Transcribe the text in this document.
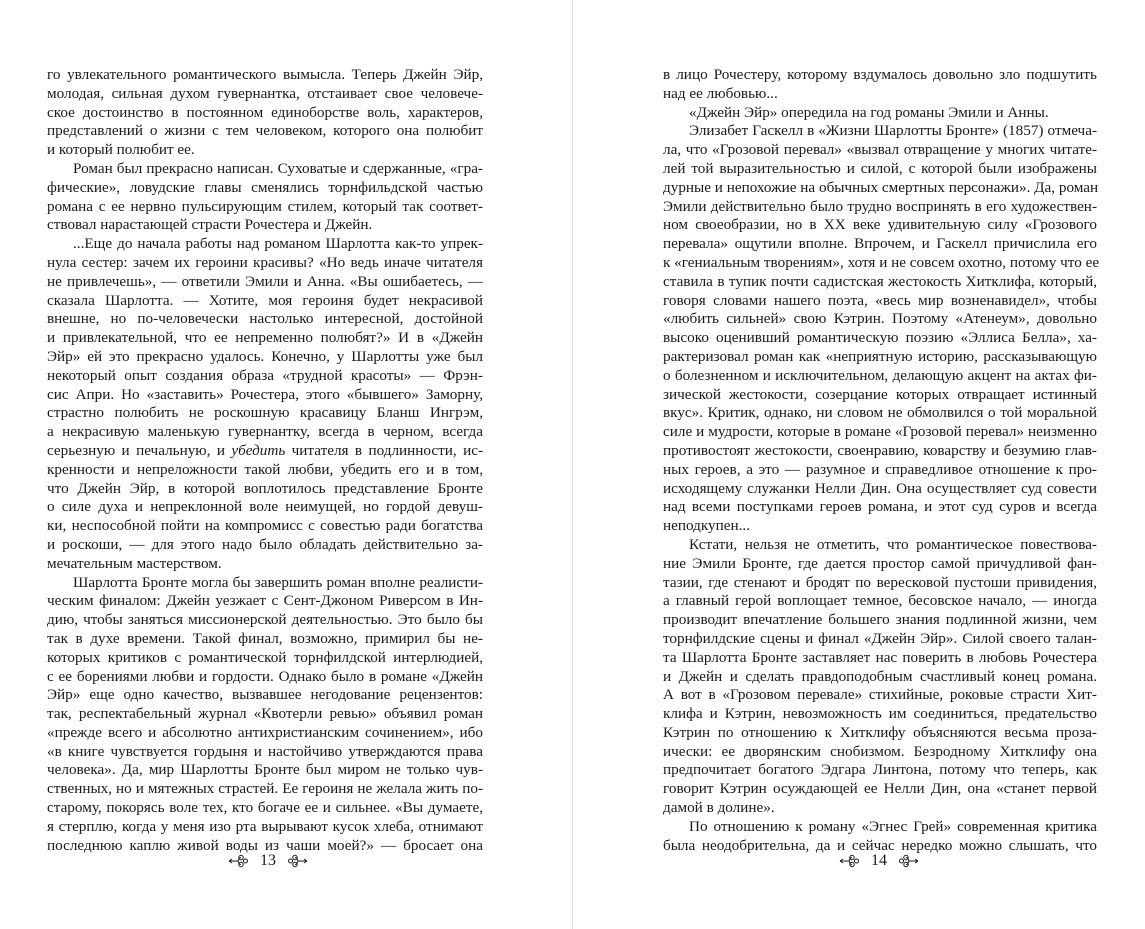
го увлекательного романтического вымысла. Теперь Джейн Эйр,
молодая, сильная духом гувернантка, отстаивает свое человече-
ское достоинство в постоянном единоборстве воль, характеров,
представлений о жизни с тем человеком, которого она полюбит
и который полюбит ее.
Роман был прекрасно написан. Суховатые и сдержанные, «гра-
фические», ловудские главы сменялись торнфильдской частью
романа с ее нервно пульсирующим стилем, который так соответ-
ствовал нарастающей страсти Рочестера и Джейн.
...Еще до начала работы над романом Шарлотта как-то упрек-
нула сестер: зачем их героини красивы? «Но ведь иначе читателя
не привлечешь», — ответили Эмили и Анна. «Вы ошибаетесь, —
сказала Шарлотта. — Хотите, моя героиня будет некрасивой
внешне, но по-человечески настолько интересной, достойной
и привлекательной, что ее непременно полюбят?» И в «Джейн
Эйр» ей это прекрасно удалось. Конечно, у Шарлотты уже был
некоторый опыт создания образа «трудной красоты» — Фрэн-
сис Апри. Но «заставить» Рочестера, этого «бывшего» Заморну,
страстно полюбить не роскошную красавицу Бланш Ингрэм,
а некрасивую маленькую гувернантку, всегда в черном, всегда
серьезную и печальную, и убедить читателя в подлинности, ис-
кренности и непреложности такой любви, убедить его и в том,
что Джейн Эйр, в которой воплотилось представление Бронте
о силе духа и непреклонной воле неимущей, но гордой девуш-
ки, неспособной пойти на компромисс с совестью ради богатства
и роскоши, — для этого надо было обладать действительно за-
мечательным мастерством.
Шарлотта Бронте могла бы завершить роман вполне реалисти-
ческим финалом: Джейн уезжает с Сент-Джоном Риверсом в Ин-
дию, чтобы заняться миссионерской деятельностью. Это было бы
так в духе времени. Такой финал, возможно, примирил бы не-
которых критиков с романтической торнфилдской интерлюдией,
с ее борениями любви и гордости. Однако было в романе «Джейн
Эйр» еще одно качество, вызвавшее негодование рецензентов:
так, респектабельный журнал «Квотерли ревью» объявил роман
«прежде всего и абсолютно антихристианским сочинением», ибо
«в книге чувствуется гордыня и настойчиво утверждаются права
человека». Да, мир Шарлотты Бронте был миром не только чув-
ственных, но и мятежных страстей. Ее героиня не желала жить по-
старому, покорясь воле тех, кто богаче ее и сильнее. «Вы думаете,
я стерплю, когда у меня изо рта вырывают кусок хлеба, отнимают
последнюю каплю живой воды из чаши моей?» — бросает она
13
в лицо Рочестеру, которому вздумалось довольно зло подшутить
над ее любовью...
«Джейн Эйр» опередила на год романы Эмили и Анны.
Элизабет Гаскелл в «Жизни Шарлотты Бронте» (1857) отмеча-
ла, что «Грозовой перевал» «вызвал отвращение у многих читате-
лей той выразительностью и силой, с которой были изображены
дурные и непохожие на обычных смертных персонажи». Да, роман
Эмили действительно было трудно воспринять в его художествен-
ном своеобразии, но в XX веке удивительную силу «Грозового
перевала» ощутили вполне. Впрочем, и Гаскелл причислила его
к «гениальным творениям», хотя и не совсем охотно, потому что ее
ставила в тупик почти садистская жестокость Хитклифа, который,
говоря словами нашего поэта, «весь мир возненавидел», чтобы
«любить сильней» свою Кэтрин. Поэтому «Атенеум», довольно
высоко оценивший романтическую поэзию «Эллиса Белла», ха-
рактеризовал роман как «неприятную историю, рассказывающую
о болезненном и исключительном, делающую акцент на актах фи-
зической жестокости, созерцание которых отвращает истинный
вкус». Критик, однако, ни словом не обмолвился о той моральной
силе и мудрости, которые в романе «Грозовой перевал» неизменно
противостоят жестокости, своенравию, коварству и безумию глав-
ных героев, а это — разумное и справедливое отношение к про-
исходящему служанки Нелли Дин. Она осуществляет суд совести
над всеми поступками героев романа, и этот суд суров и всегда
неподкупен...
Кстати, нельзя не отметить, что романтическое повествова-
ние Эмили Бронте, где дается простор самой причудливой фан-
тазии, где стенают и бродят по вересковой пустоши привидения,
а главный герой воплощает темное, бесовское начало, — иногда
производит впечатление большего знания подлинной жизни, чем
торнфилдские сцены и финал «Джейн Эйр». Силой своего талан-
та Шарлотта Бронте заставляет нас поверить в любовь Рочестера
и Джейн и сделать правдоподобным счастливый конец романа.
А вот в «Грозовом перевале» стихийные, роковые страсти Хит-
клифа и Кэтрин, невозможность им соединиться, предательство
Кэтрин по отношению к Хитклифу объясняются весьма проза-
ически: ее дворянским снобизмом. Безродному Хитклифу она
предпочитает богатого Эдгара Линтона, потому что теперь, как
говорит Кэтрин осуждающей ее Нелли Дин, она «станет первой
дамой в долине».
По отношению к роману «Эгнес Грей» современная критика
была неодобрительна, да и сейчас нередко можно слышать, что
14
